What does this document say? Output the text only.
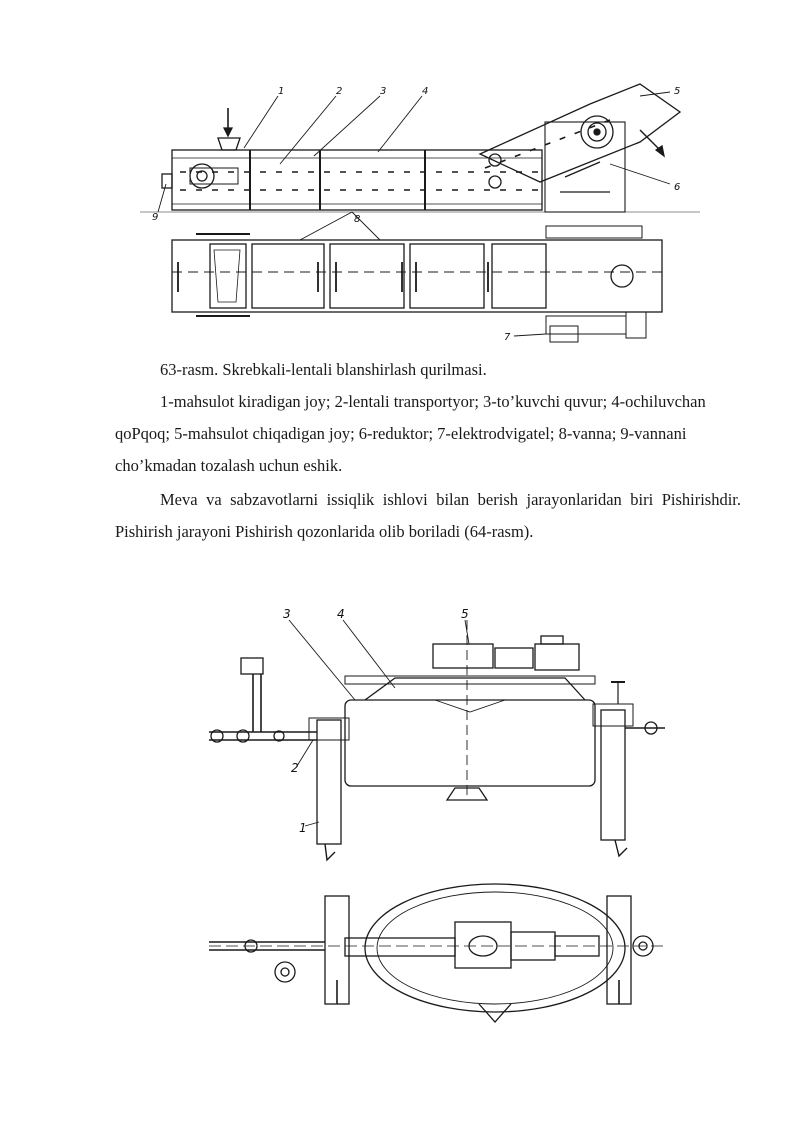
1	2	3	4	5
6
7
8
9

63-rasm. Skrebkali-lentali blanshirlash qurilmasi.

1-mahsulot kiradigan joy; 2-lentali transportyor; 3-to’kuvchi quvur; 4-ochiluvchan qoPqoq; 5-mahsulot chiqadigan joy; 6-reduktor; 7-elektrodvigatel; 8-vanna; 9-vannani cho’kmadan tozalash uchun eshik.

Meva va sabzavotlarni issiqlik ishlovi bilan berish jarayonlaridan biri Pishirishdir. Pishirish jarayoni Pishirish qozonlarida olib boriladi (64-rasm).

1
2
3	4	5
